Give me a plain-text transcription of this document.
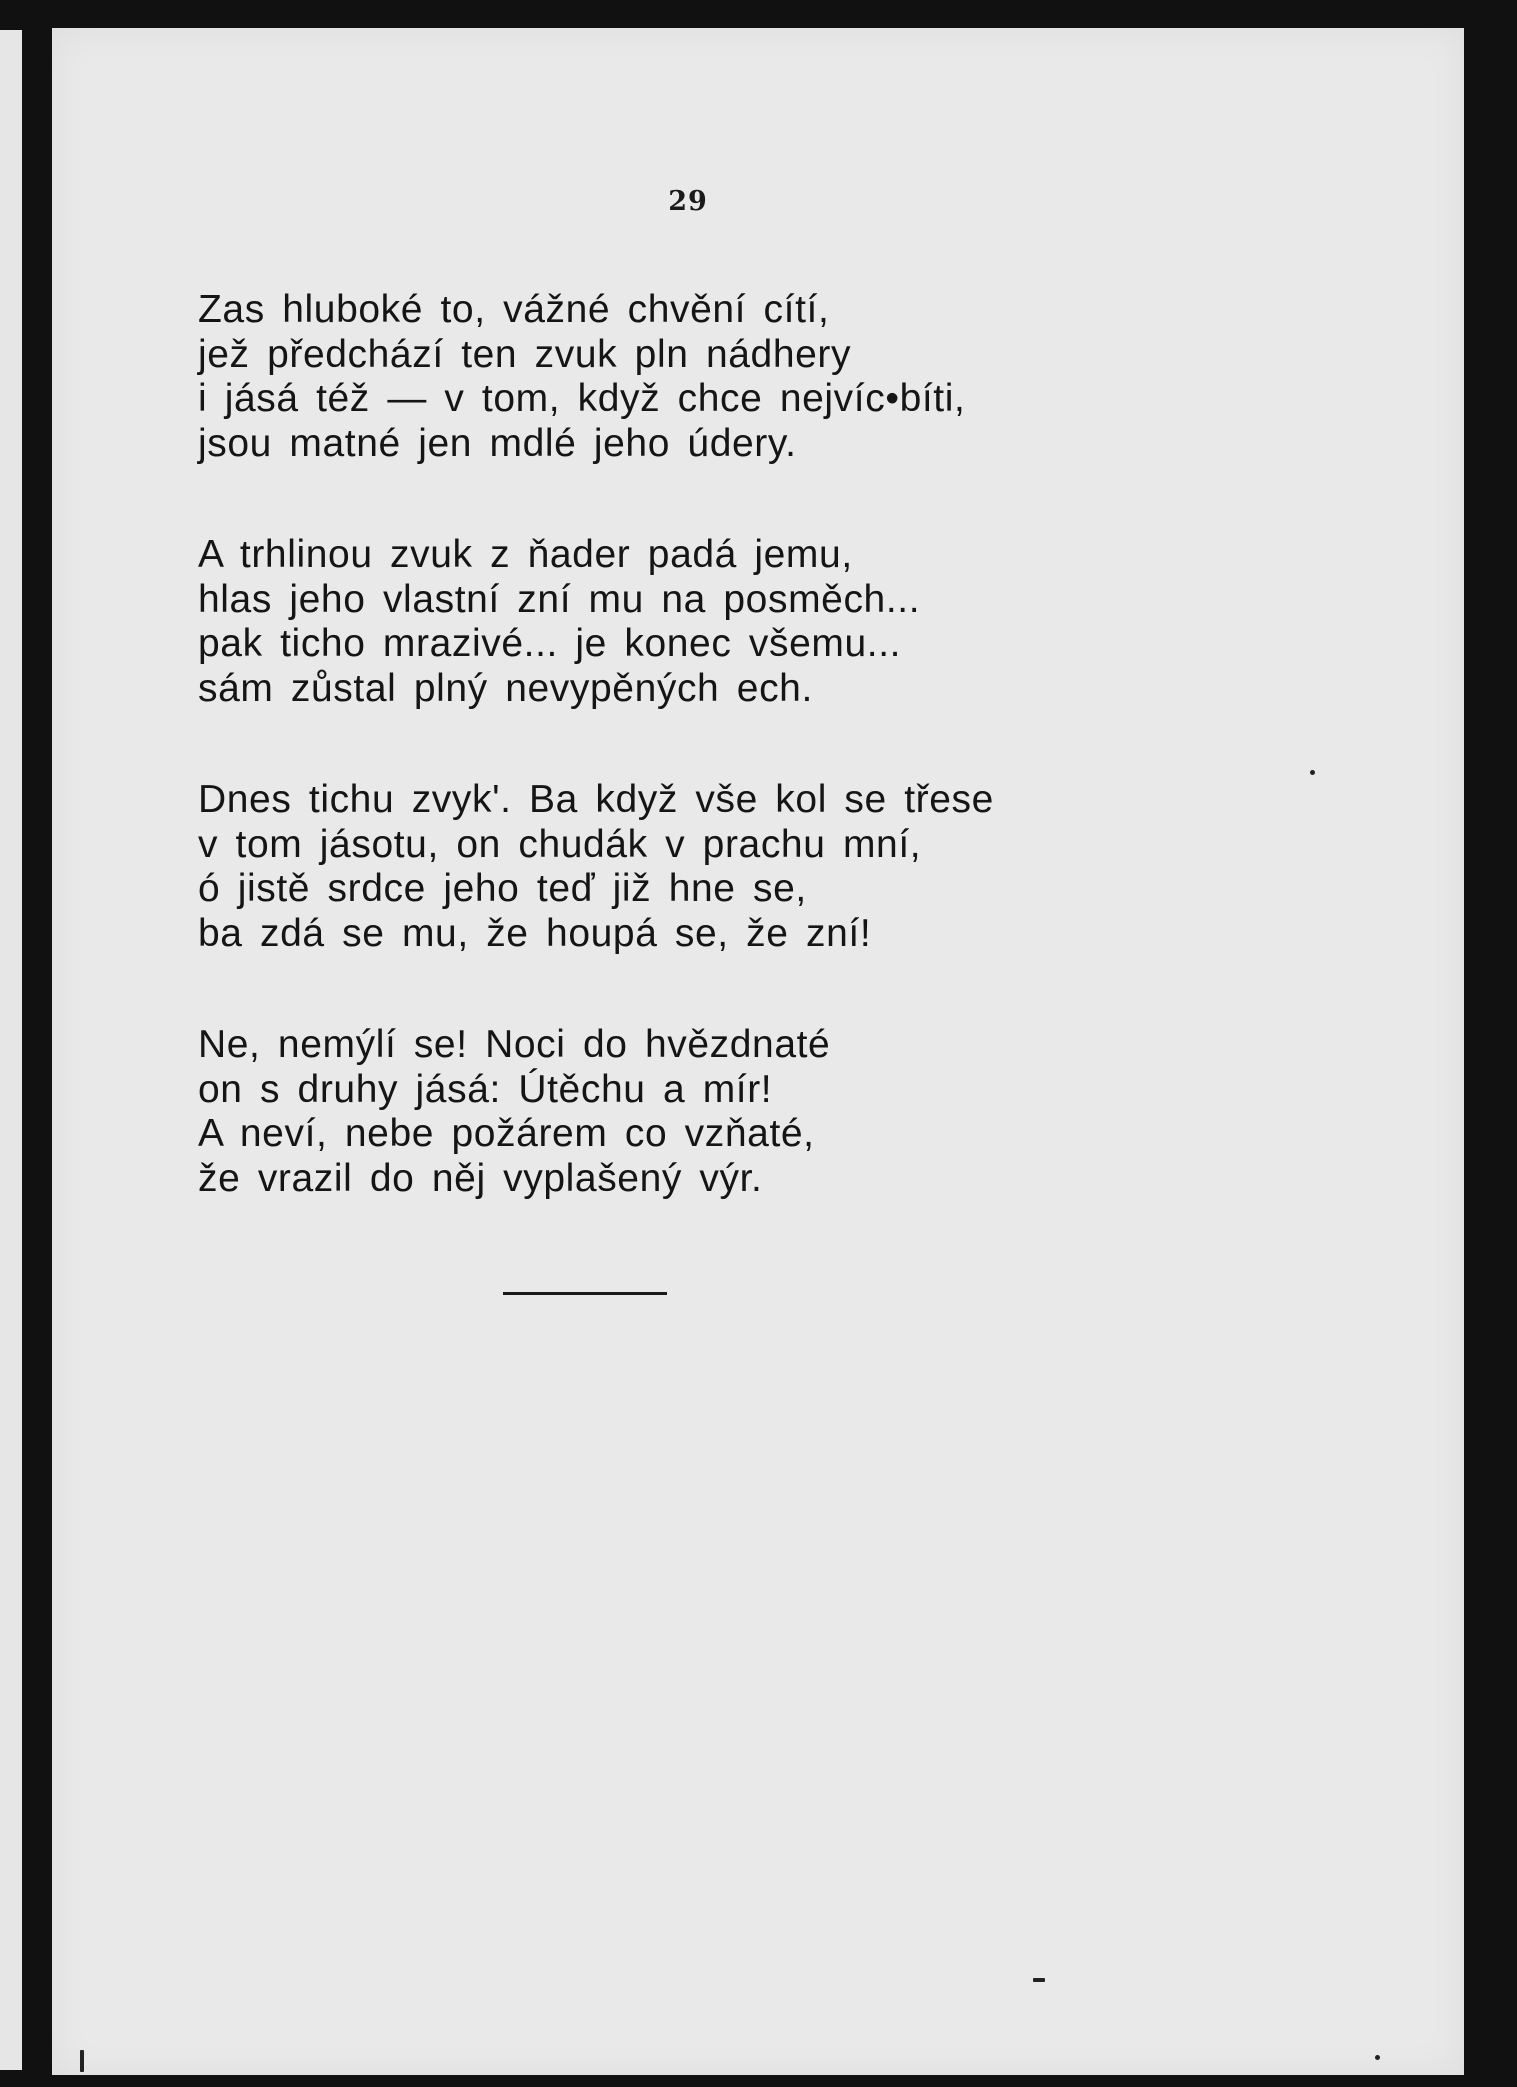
29
Zas hluboké to, vážné chvění cítí,
jež předchází ten zvuk pln nádhery
i jásá též — v tom, když chce nejvíc•bíti,
jsou matné jen mdlé jeho údery.
A trhlinou zvuk z ňader padá jemu,
hlas jeho vlastní zní mu na posměch...
pak ticho mrazivé... je konec všemu...
sám zůstal plný nevypěných ech.
Dnes tichu zvyk'. Ba když vše kol se třese
v tom jásotu, on chudák v prachu mní,
ó jistě srdce jeho teď již hne se,
ba zdá se mu, že houpá se, že zní!
Ne, nemýlí se! Noci do hvězdnaté
on s druhy jásá: Útěchu a mír!
A neví, nebe požárem co vzňaté,
že vrazil do něj vyplašený výr.
